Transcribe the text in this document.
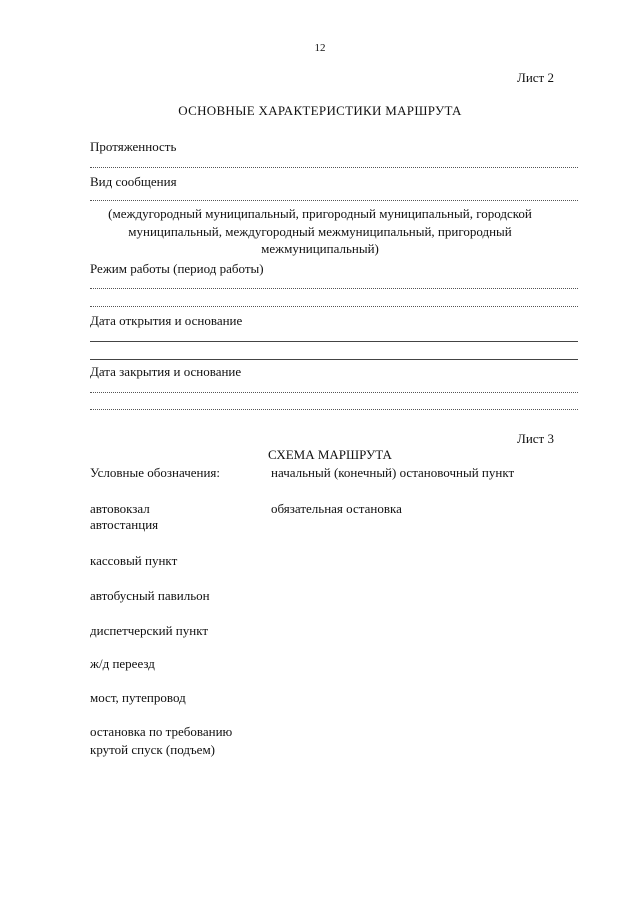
12
Лист 2
ОСНОВНЫЕ ХАРАКТЕРИСТИКИ МАРШРУТА
Протяженность
Вид сообщения
(междугородный муниципальный, пригородный муниципальный, городской
муниципальный, междугородный межмуниципальный, пригородный
межмуниципальный)
Режим работы (период работы)
Дата открытия и основание
Дата закрытия и основание
Лист 3
СХЕМА МАРШРУТА
Условные обозначения:	начальный (конечный) остановочный пункт
автовокзал	обязательная остановка
автостанция
кассовый пункт
автобусный павильон
диспетчерский пункт
ж/д переезд
мост, путепровод
остановка по требованию
крутой спуск (подъем)
